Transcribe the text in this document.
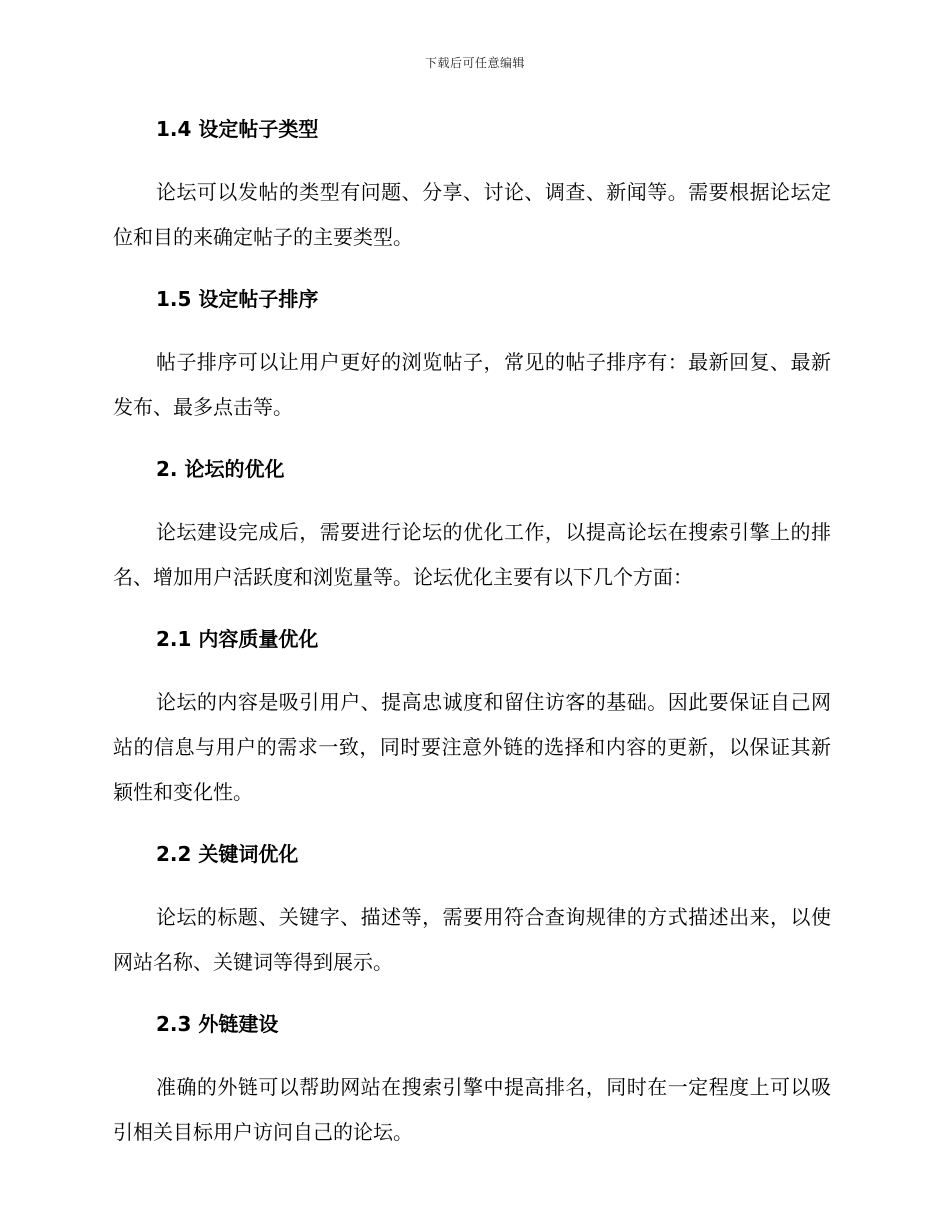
下载后可任意编辑
1.4 设定帖子类型

论坛可以发帖的类型有问题、分享、讨论、调查、新闻等。需要根据论坛定位和目的来确定帖子的主要类型。

1.5 设定帖子排序

帖子排序可以让用户更好的浏览帖子，常见的帖子排序有：最新回复、最新发布、最多点击等。

2. 论坛的优化

论坛建设完成后，需要进行论坛的优化工作，以提高论坛在搜索引擎上的排名、增加用户活跃度和浏览量等。论坛优化主要有以下几个方面：

2.1 内容质量优化

论坛的内容是吸引用户、提高忠诚度和留住访客的基础。因此要保证自己网站的信息与用户的需求一致，同时要注意外链的选择和内容的更新，以保证其新颖性和变化性。

2.2 关键词优化

论坛的标题、关键字、描述等，需要用符合查询规律的方式描述出来，以使网站名称、关键词等得到展示。

2.3 外链建设

准确的外链可以帮助网站在搜索引擎中提高排名，同时在一定程度上可以吸引相关目标用户访问自己的论坛。
